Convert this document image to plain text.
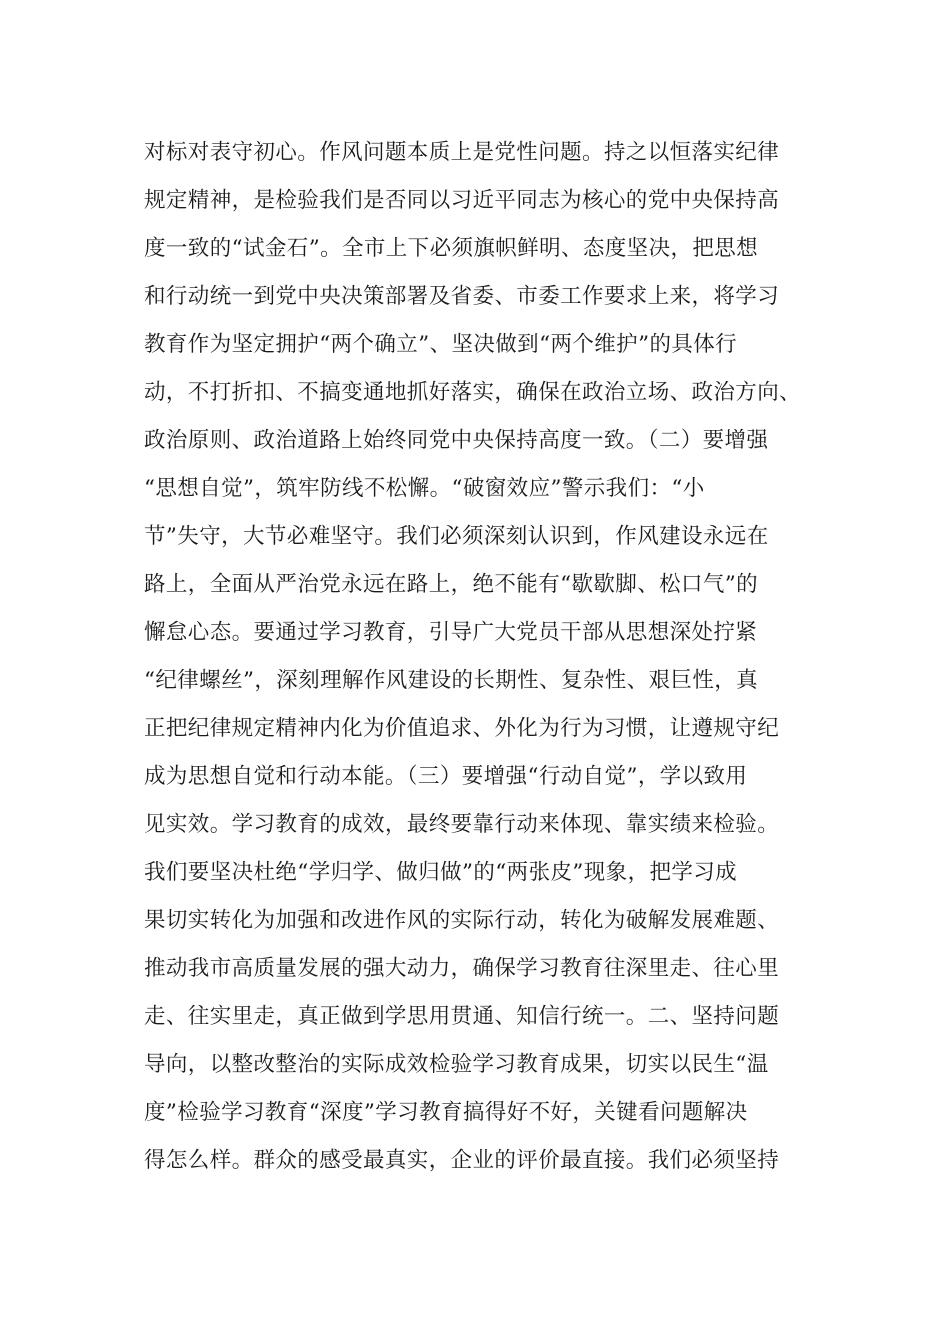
对标对表守初心。作风问题本质上是党性问题。持之以恒落实纪律
规定精神，是检验我们是否同以习近平同志为核心的党中央保持高
度一致的“试金石”。全市上下必须旗帜鲜明、态度坚决，把思想
和行动统一到党中央决策部署及省委、市委工作要求上来，将学习
教育作为坚定拥护“两个确立”、坚决做到“两个维护”的具体行
动，不打折扣、不搞变通地抓好落实，确保在政治立场、政治方向、
政治原则、政治道路上始终同党中央保持高度一致。（二）要增强
“思想自觉”，筑牢防线不松懈。“破窗效应”警示我们：“小
节”失守，大节必难坚守。我们必须深刻认识到，作风建设永远在
路上，全面从严治党永远在路上，绝不能有“歇歇脚、松口气”的
懈怠心态。要通过学习教育，引导广大党员干部从思想深处拧紧
“纪律螺丝”，深刻理解作风建设的长期性、复杂性、艰巨性，真
正把纪律规定精神内化为价值追求、外化为行为习惯，让遵规守纪
成为思想自觉和行动本能。（三）要增强“行动自觉”，学以致用
见实效。学习教育的成效，最终要靠行动来体现、靠实绩来检验。
我们要坚决杜绝“学归学、做归做”的“两张皮”现象，把学习成
果切实转化为加强和改进作风的实际行动，转化为破解发展难题、
推动我市高质量发展的强大动力，确保学习教育往深里走、往心里
走、往实里走，真正做到学思用贯通、知信行统一。二、坚持问题
导向，以整改整治的实际成效检验学习教育成果，切实以民生“温
度”检验学习教育“深度”学习教育搞得好不好，关键看问题解决
得怎么样。群众的感受最真实，企业的评价最直接。我们必须坚持
